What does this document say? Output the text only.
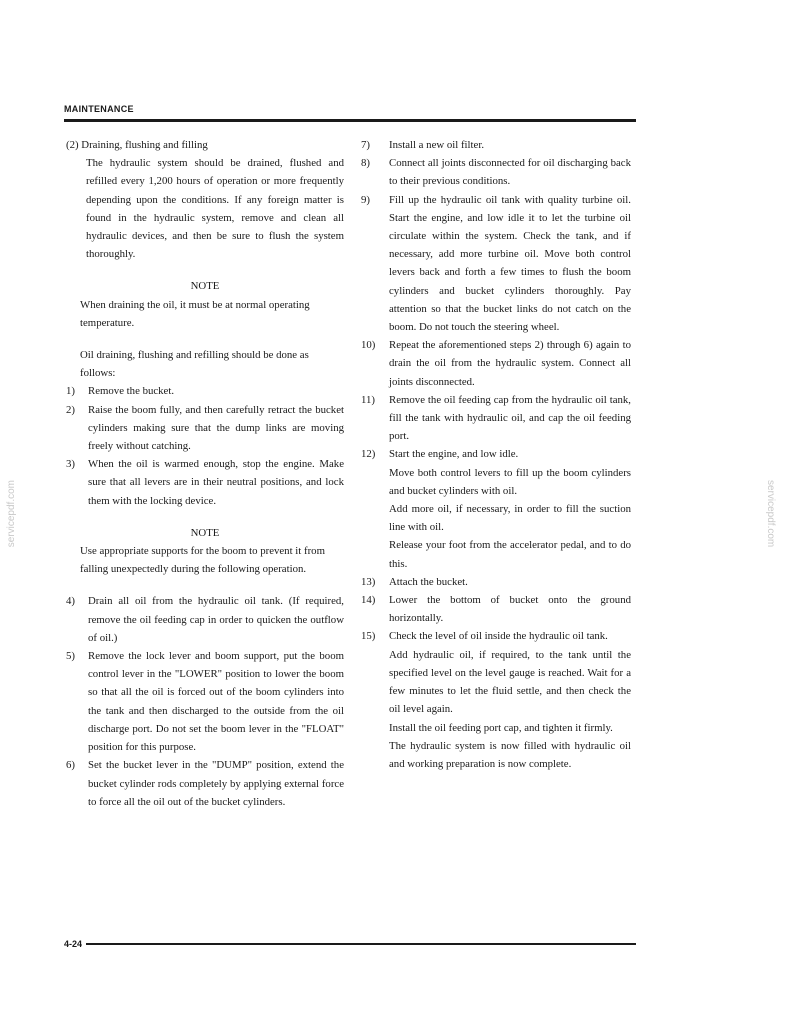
MAINTENANCE
servicepdf.com	servicepdf.com

(2) Draining, flushing and filling

The hydraulic system should be drained, flushed and refilled every 1,200 hours of operation or more frequently depending upon the conditions. If any foreign matter is found in the hydraulic system, remove and clean all hydraulic devices, and then be sure to flush the system thoroughly.

NOTE

When draining the oil, it must be at normal operating temperature.

Oil draining, flushing and refilling should be done as follows:

1)	Remove the bucket.
2)	Raise the boom fully, and then carefully retract the bucket cylinders making sure that the dump links are moving freely without catching.
3)	When the oil is warmed enough, stop the engine. Make sure that all levers are in their neutral positions, and lock them with the locking device.

NOTE

Use appropriate supports for the boom to prevent it from falling unexpectedly during the following operation.

4)	Drain all oil from the hydraulic oil tank. (If required, remove the oil feeding cap in order to quicken the outflow of oil.)
5)	Remove the lock lever and boom support, put the boom control lever in the "LOWER" position to lower the boom so that all the oil is forced out of the boom cylinders into the tank and then discharged to the outside from the oil discharge port. Do not set the boom lever in the "FLOAT" position for this purpose.
6)	Set the bucket lever in the "DUMP" position, extend the bucket cylinder rods completely by applying external force to force all the oil out of the bucket cylinders.
7)	Install a new oil filter.
8)	Connect all joints disconnected for oil discharging back to their previous conditions.
9)	Fill up the hydraulic oil tank with quality turbine oil. Start the engine, and low idle it to let the turbine oil circulate within the system. Check the tank, and if necessary, add more turbine oil. Move both control levers back and forth a few times to flush the boom cylinders and bucket cylinders thoroughly. Pay attention so that the bucket links do not catch on the boom. Do not touch the steering wheel.
10)	Repeat the aforementioned steps 2) through 6) again to drain the oil from the hydraulic system. Connect all joints disconnected.
11)	Remove the oil feeding cap from the hydraulic oil tank, fill the tank with hydraulic oil, and cap the oil feeding port.
12)	Start the engine, and low idle.

Move both control levers to fill up the boom cylinders and bucket cylinders with oil.

Add more oil, if necessary, in order to fill the suction line with oil.

Release your foot from the accelerator pedal, and to do this.

13)	Attach the bucket.
14)	Lower the bottom of bucket onto the ground horizontally.
15)	Check the level of oil inside the hydraulic oil tank.

Add hydraulic oil, if required, to the tank until the specified level on the level gauge is reached. Wait for a few minutes to let the fluid settle, and then check the oil level again.

Install the oil feeding port cap, and tighten it firmly.

The hydraulic system is now filled with hydraulic oil and working preparation is now complete.

4-24
